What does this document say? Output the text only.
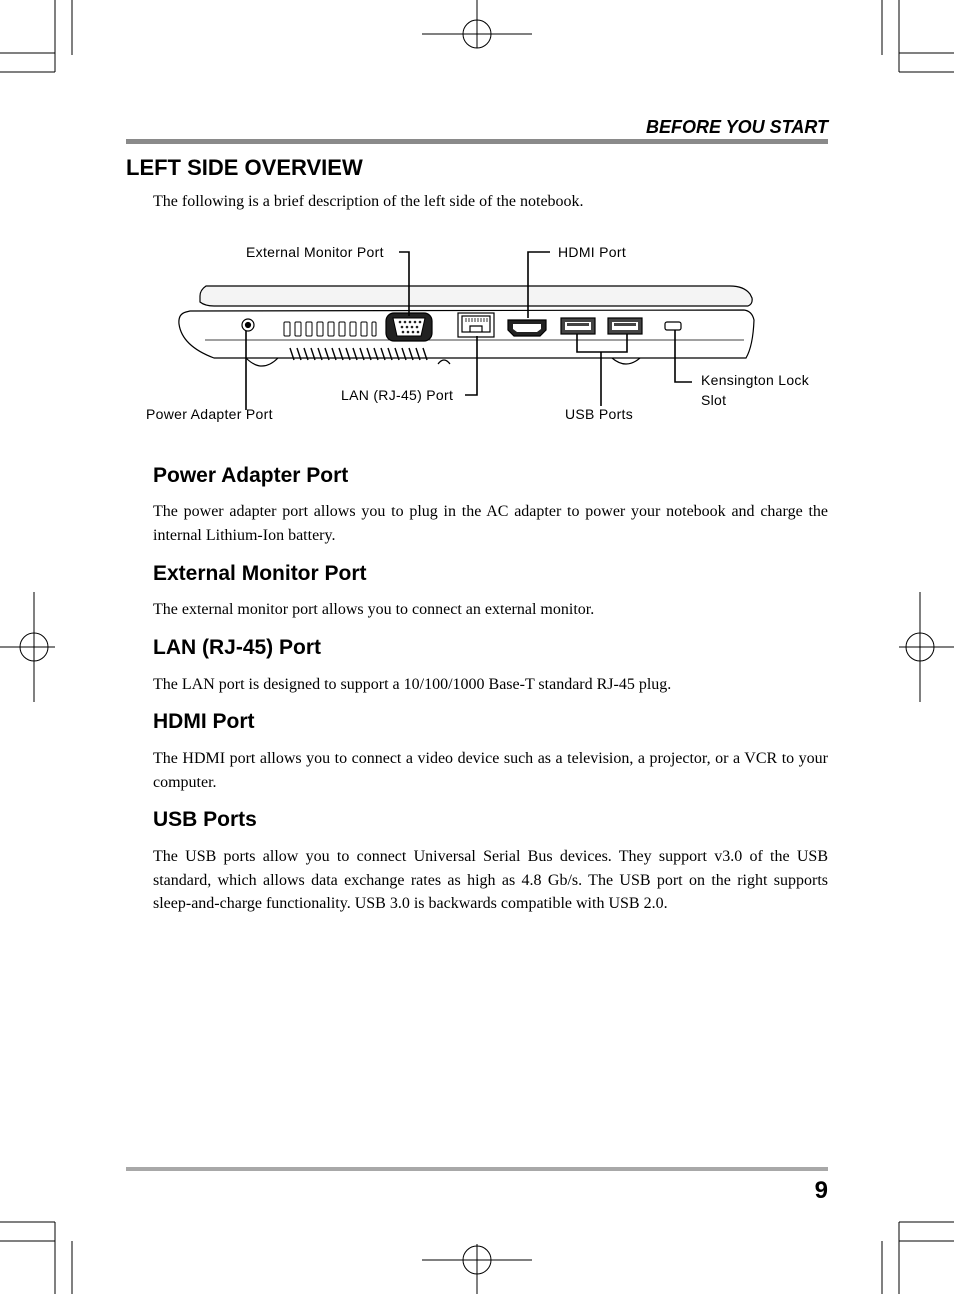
BEFORE YOU START
LEFT SIDE OVERVIEW
The following is a brief description of the left side of the notebook.
External Monitor Port	HDMI Port
Power Adapter Port
LAN (RJ-45) Port
USB Ports
Kensington Lock
Slot
Power Adapter Port
The power adapter port allows you to plug in the AC adapter to power your notebook and charge the internal Lithium-Ion battery.
External Monitor Port
The external monitor port allows you to connect an external monitor.
LAN (RJ-45) Port
The LAN port is designed to support a 10/100/1000 Base-T standard RJ-45 plug.
HDMI Port
The HDMI port allows you to connect a video device such as a television, a projector, or a VCR to your computer.
USB Ports
The USB ports allow you to connect Universal Serial Bus devices. They support v3.0 of the USB standard, which allows data exchange rates as high as 4.8 Gb/s. The USB port on the right supports sleep-and-charge functionality. USB 3.0 is backwards compatible with USB 2.0.
9
